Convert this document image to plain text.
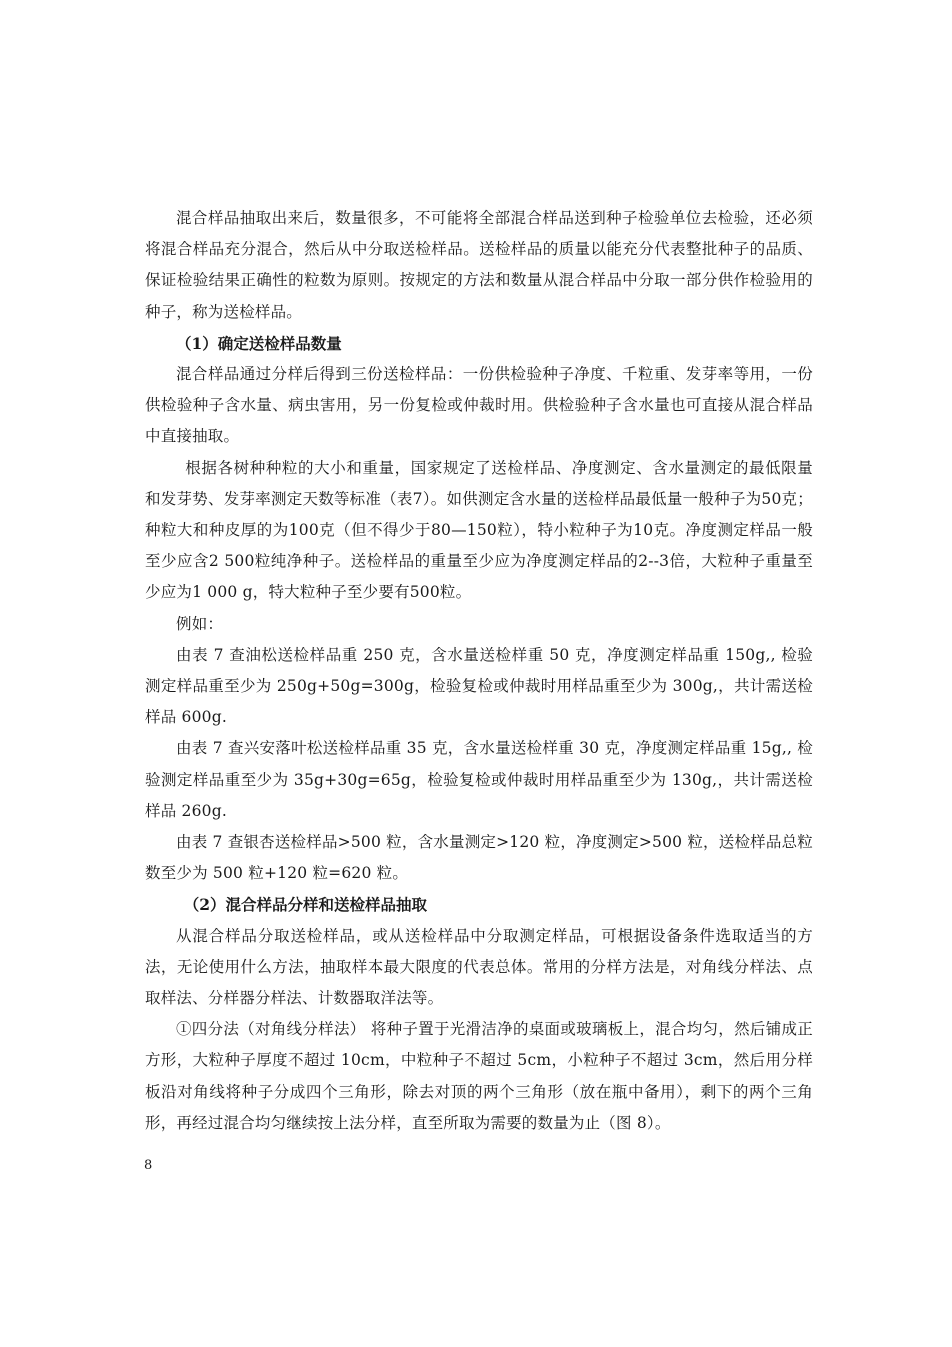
混合样品抽取出来后，数量很多，不可能将全部混合样品送到种子检验单位去检验，还必须将混合样品充分混合，然后从中分取送检样品。送检样品的质量以能充分代表整批种子的品质、保证检验结果正确性的粒数为原则。按规定的方法和数量从混合样品中分取一部分供作检验用的种子，称为送检样品。

（1）确定送检样品数量

混合样品通过分样后得到三份送检样品：一份供检验种子净度、千粒重、发芽率等用，一份供检验种子含水量、病虫害用，另一份复检或仲裁时用。供检验种子含水量也可直接从混合样品中直接抽取。

根据各树种种粒的大小和重量，国家规定了送检样品、净度测定、含水量测定的最低限量和发芽势、发芽率测定天数等标准（表7）。如供测定含水量的送检样品最低量一般种子为50克；种粒大和种皮厚的为100克（但不得少于80—150粒），特小粒种子为10克。净度测定样品一般至少应含2 500粒纯净种子。送检样品的重量至少应为净度测定样品的2--3倍，大粒种子重量至少应为1 000 g，特大粒种子至少要有500粒。

例如：

由表 7 查油松送检样品重 250 克，含水量送检样重 50 克，净度测定样品重 150g,, 检验测定样品重至少为 250g+50g=300g，检验复检或仲裁时用样品重至少为 300g,，共计需送检样品 600g.

由表 7 查兴安落叶松送检样品重 35 克，含水量送检样重 30 克，净度测定样品重 15g,, 检验测定样品重至少为 35g+30g=65g，检验复检或仲裁时用样品重至少为 130g,，共计需送检样品 260g.

由表 7 查银杏送检样品>500 粒，含水量测定>120 粒，净度测定>500 粒，送检样品总粒数至少为 500 粒+120 粒=620 粒。

（2）混合样品分样和送检样品抽取

从混合样品分取送检样品，或从送检样品中分取测定样品，可根据设备条件选取适当的方法，无论使用什么方法，抽取样本最大限度的代表总体。常用的分样方法是，对角线分样法、点取样法、分样器分样法、计数器取洋法等。

①四分法（对角线分样法） 将种子置于光滑洁净的桌面或玻璃板上，混合均匀，然后铺成正方形，大粒种子厚度不超过 10cm，中粒种子不超过 5cm，小粒种子不超过 3cm，然后用分样板沿对角线将种子分成四个三角形，除去对顶的两个三角形（放在瓶中备用），剩下的两个三角形，再经过混合均匀继续按上法分样，直至所取为需要的数量为止（图 8）。

8
